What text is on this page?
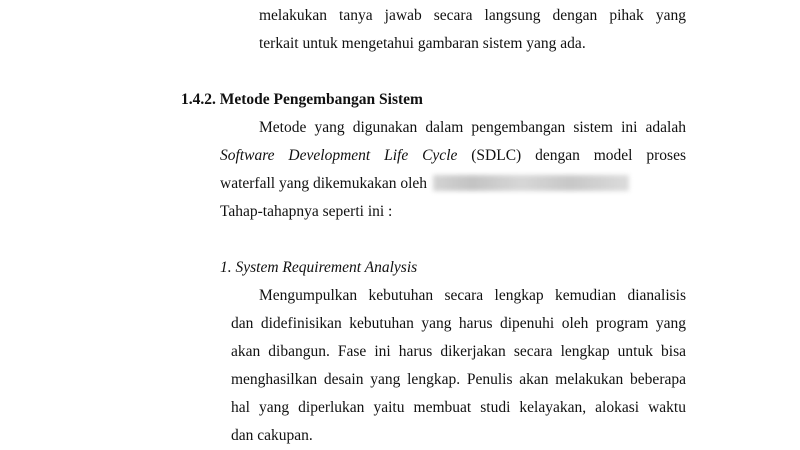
melakukan tanya jawab secara langsung dengan pihak yang
terkait untuk mengetahui gambaran sistem yang ada.
1.4.2. Metode Pengembangan Sistem
Metode yang digunakan dalam pengembangan sistem ini adalah
Software Development Life Cycle (SDLC) dengan model proses
waterfall yang dikemukakan oleh
Tahap-tahapnya seperti ini :
1. System Requirement Analysis
Mengumpulkan kebutuhan secara lengkap kemudian dianalisis
dan didefinisikan kebutuhan yang harus dipenuhi oleh program yang
akan dibangun. Fase ini harus dikerjakan secara lengkap untuk bisa
menghasilkan desain yang lengkap. Penulis akan melakukan beberapa
hal yang diperlukan yaitu membuat studi kelayakan, alokasi waktu
dan cakupan.
